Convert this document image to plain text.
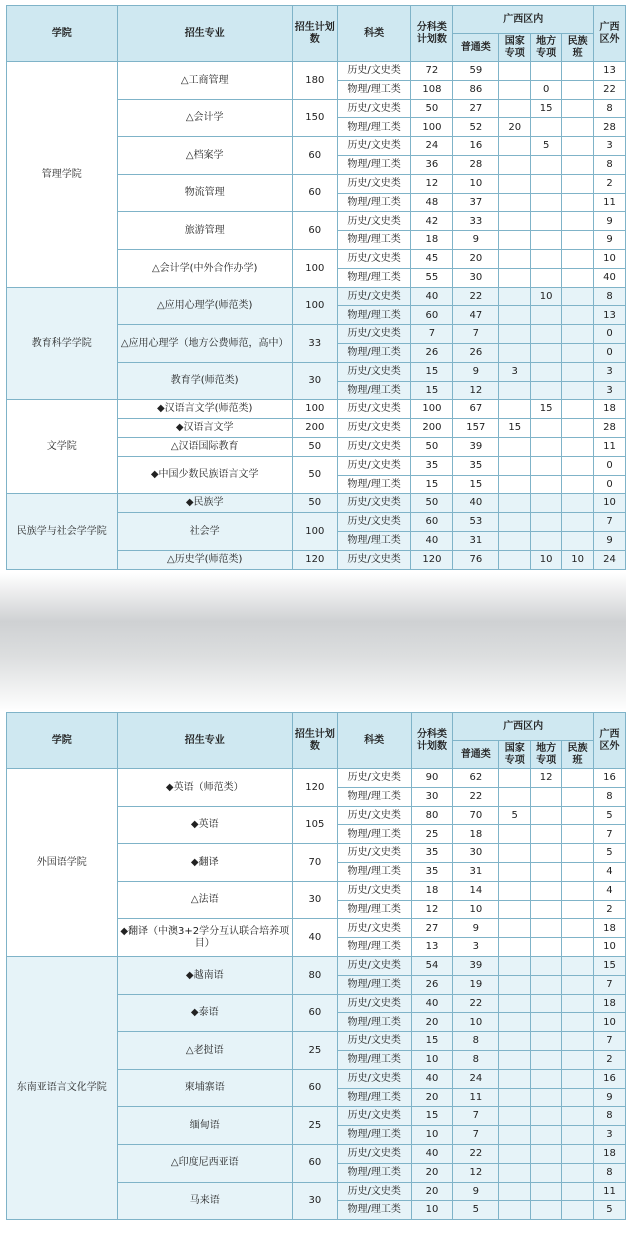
学院	招生专业	招生计划数	科类	分科类计划数	广西区内				广西区外
					普通类	国家专项	地方专项	民族班	
管理学院	△工商管理	180	历史/文史类	72	59				13
			物理/理工类	108	86		0		22
	△会计学	150	历史/文史类	50	27		15		8
			物理/理工类	100	52	20			28
	△档案学	60	历史/文史类	24	16		5		3
			物理/理工类	36	28				8
	物流管理	60	历史/文史类	12	10				2
			物理/理工类	48	37				11
	旅游管理	60	历史/文史类	42	33				9
			物理/理工类	18	9				9
	△会计学(中外合作办学)	100	历史/文史类	45	20				10
			物理/理工类	55	30				40
教育科学学院	△应用心理学(师范类)	100	历史/文史类	40	22		10		8
			物理/理工类	60	47				13
	△应用心理学（地方公费师范，高中）	33	历史/文史类	7	7				0
			物理/理工类	26	26				0
	教育学(师范类)	30	历史/文史类	15	9	3			3
			物理/理工类	15	12				3
文学院	◆汉语言文学(师范类)	100	历史/文史类	100	67		15		18
	◆汉语言文学	200	历史/文史类	200	157	15			28
	△汉语国际教育	50	历史/文史类	50	39				11
	◆中国少数民族语言文学	50	历史/文史类	35	35				0
			物理/理工类	15	15				0
民族学与社会学学院	◆民族学	50	历史/文史类	50	40				10
	社会学	100	历史/文史类	60	53				7
			物理/理工类	40	31				9
	△历史学(师范类)	120	历史/文史类	120	76		10	10	24
学院	招生专业	招生计划数	科类	分科类计划数	广西区内				广西区外
					普通类	国家专项	地方专项	民族班	
外国语学院	◆英语（师范类）	120	历史/文史类	90	62		12		16
			物理/理工类	30	22				8
	◆英语	105	历史/文史类	80	70	5			5
			物理/理工类	25	18				7
	◆翻译	70	历史/文史类	35	30				5
			物理/理工类	35	31				4
	△法语	30	历史/文史类	18	14				4
			物理/理工类	12	10				2
	◆翻译（中澳3+2学分互认联合培养项目）	40	历史/文史类	27	9				18
			物理/理工类	13	3				10
东南亚语言文化学院	◆越南语	80	历史/文史类	54	39				15
			物理/理工类	26	19				7
	◆泰语	60	历史/文史类	40	22				18
			物理/理工类	20	10				10
	△老挝语	25	历史/文史类	15	8				7
			物理/理工类	10	8				2
	柬埔寨语	60	历史/文史类	40	24				16
			物理/理工类	20	11				9
	缅甸语	25	历史/文史类	15	7				8
			物理/理工类	10	7				3
	△印度尼西亚语	60	历史/文史类	40	22				18
			物理/理工类	20	12				8
	马来语	30	历史/文史类	20	9				11
			物理/理工类	10	5				5
